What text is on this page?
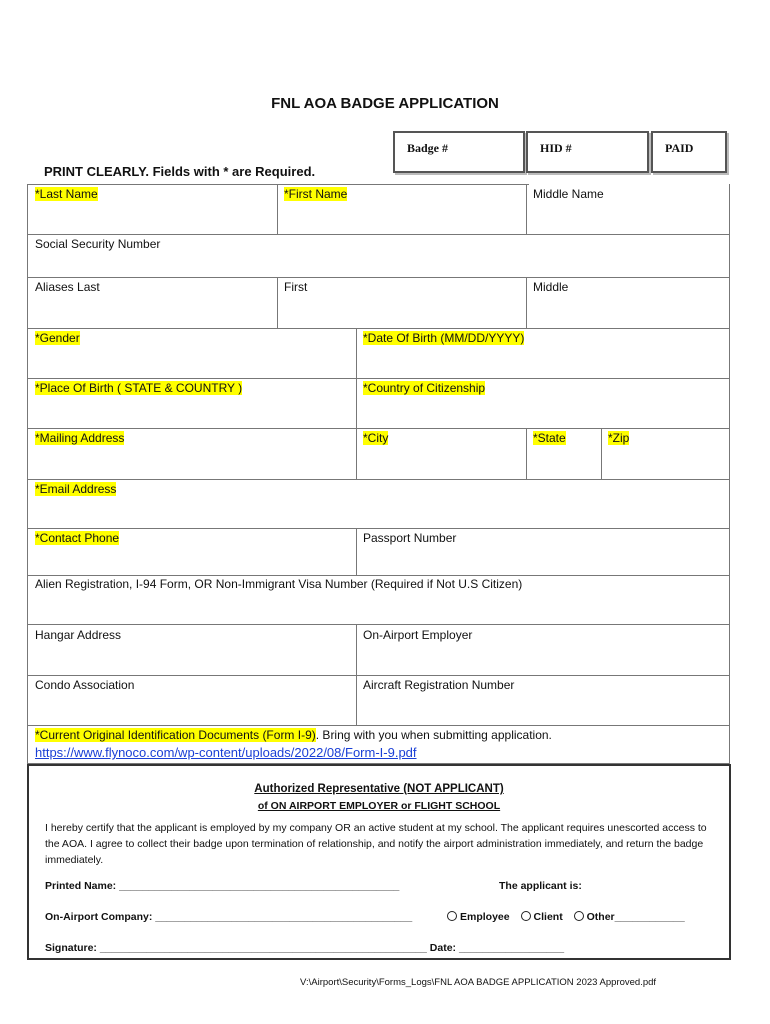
FNL AOA BADGE APPLICATION
Badge #	HID #	PAID
PRINT CLEARLY. Fields with * are Required.
*Last Name	*First Name	Middle Name
Social Security Number
Aliases Last	First	Middle
*Gender	*Date Of Birth (MM/DD/YYYY)
*Place Of Birth ( STATE & COUNTRY )	*Country of Citizenship
*Mailing Address	*City	*State	*Zip
*Email Address
*Contact Phone	Passport Number
Alien Registration, I-94 Form, OR Non-Immigrant Visa Number (Required if Not U.S Citizen)
Hangar Address	On-Airport Employer
Condo Association	Aircraft Registration Number
*Current Original Identification Documents (Form I-9). Bring with you when submitting application.
https://www.flynoco.com/wp-content/uploads/2022/08/Form-I-9.pdf
Authorized Representative (NOT APPLICANT)
of ON AIRPORT EMPLOYER or FLIGHT SCHOOL
I hereby certify that the applicant is employed by my company OR an active student at my school. The applicant requires unescorted access to the AOA. I agree to collect their badge upon termination of relationship, and notify the airport administration immediately, and return the badge immediately.
Printed Name: ________________________________________________	The applicant is:
On-Airport Company: ____________________________________________	Employee Client Other____________
Signature: ________________________________________________________ Date: __________________
V:\Airport\Security\Forms_Logs\FNL AOA BADGE APPLICATION 2023 Approved.pdf
